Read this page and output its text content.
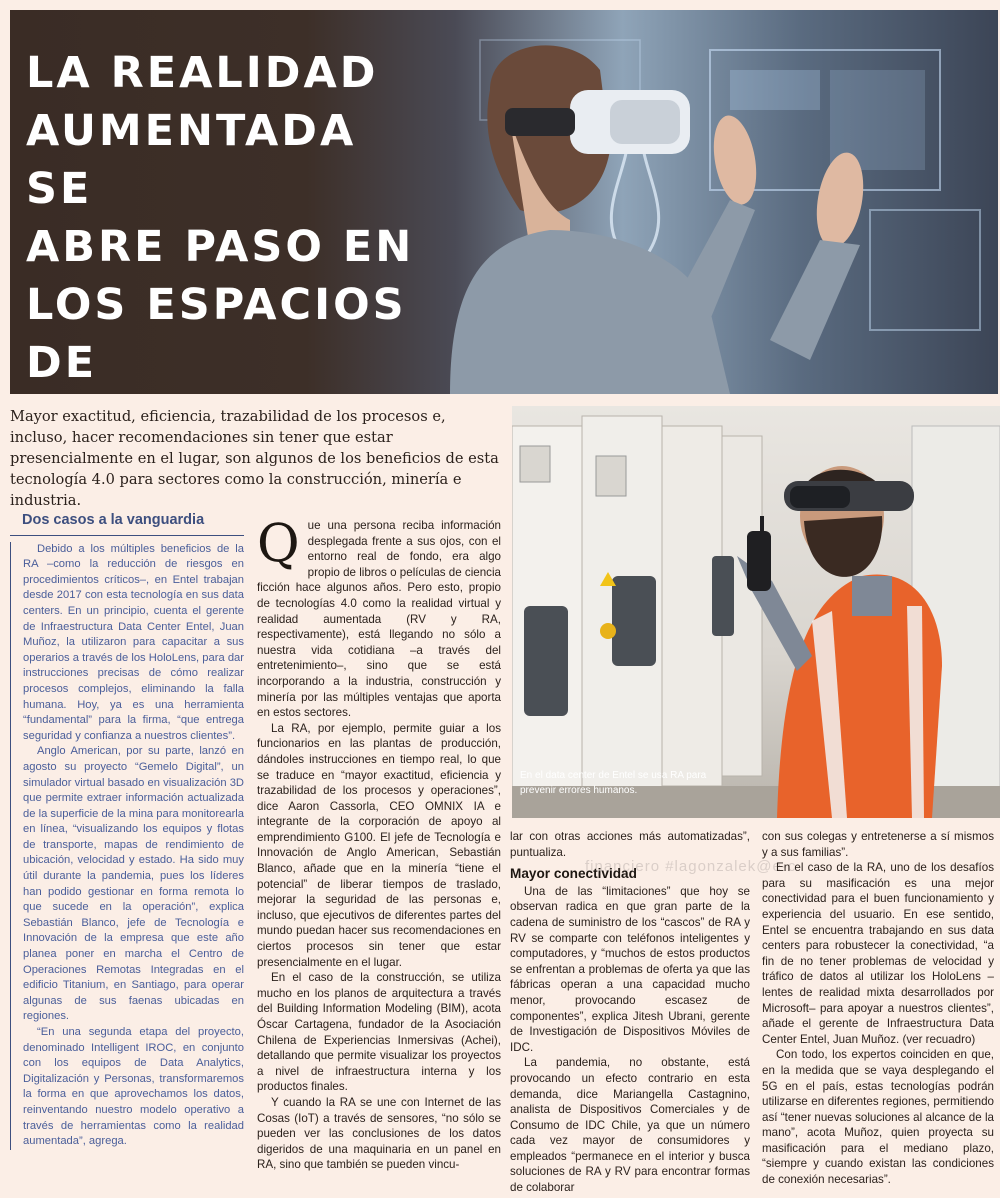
LA REALIDAD
AUMENTADA SE
ABRE PASO EN
LOS ESPACIOS DE

Mayor exactitud, eficiencia, trazabilidad de los procesos e, incluso, hacer recomendaciones sin tener que estar presencialmente en el lugar, son algunos de los beneficios de esta tecnología 4.0 para sectores como la construcción, minería e industria.

En el data center de Entel se usa RA para prevenir errores humanos.

Dos casos a la vanguardia

Debido a los múltiples beneficios de la RA –como la reducción de riesgos en procedimientos críticos–, en Entel trabajan desde 2017 con esta tecnología en sus data centers. En un principio, cuenta el gerente de Infraestructura Data Center Entel, Juan Muñoz, la utilizaron para capacitar a sus operarios a través de los HoloLens, para dar instrucciones precisas de cómo realizar procesos complejos, eliminando la falla humana. Hoy, ya es una herramienta “fundamental” para la firma, “que entrega seguridad y confianza a nuestros clientes”.

Anglo American, por su parte, lanzó en agosto su proyecto “Gemelo Digital”, un simulador virtual basado en visualización 3D que permite extraer información actualizada de la superficie de la mina para monitorearla en línea, “visualizando los equipos y flotas de transporte, mapas de rendimiento de ubicación, velocidad y estado. Ha sido muy útil durante la pandemia, pues los líderes han podido gestionar en forma remota lo que sucede en la operación”, explica Sebastián Blanco, jefe de Tecnología e Innovación de la empresa que este año planea poner en marcha el Centro de Operaciones Remotas Integradas en el edificio Titanium, en Santiago, para operar algunas de sus faenas ubicadas en regiones.

“En una segunda etapa del proyecto, denominado Intelligent IROC, en conjunto con los equipos de Data Analytics, Digitalización y Personas, transformaremos la forma en que aprovechamos los datos, reinventando nuestro modelo operativo a través de herramientas como la realidad aumentada”, agrega.

Que una persona reciba información desplegada frente a sus ojos, con el entorno real de fondo, era algo propio de libros o películas de ciencia ficción hace algunos años. Pero esto, propio de tecnologías 4.0 como la realidad virtual y realidad aumentada (RV y RA, respectivamente), está llegando no sólo a nuestra vida cotidiana –a través del entretenimiento–, sino que se está incorporando a la industria, construcción y minería por las múltiples ventajas que aporta en estos sectores.

La RA, por ejemplo, permite guiar a los funcionarios en las plantas de producción, dándoles instrucciones en tiempo real, lo que se traduce en “mayor exactitud, eficiencia y trazabilidad de los procesos y operaciones”, dice Aaron Cassorla, CEO OMNIX IA e integrante de la corporación de apoyo al emprendimiento G100. El jefe de Tecnología e Innovación de Anglo American, Sebastián Blanco, añade que en la minería “tiene el potencial” de liberar tiempos de traslado, mejorar la seguridad de las personas e, incluso, que ejecutivos de diferentes partes del mundo puedan hacer sus recomendaciones en ciertos procesos sin tener que estar presencialmente en el lugar.

En el caso de la construcción, se utiliza mucho en los planos de arquitectura a través del Building Information Modeling (BIM), acota Óscar Cartagena, fundador de la Asociación Chilena de Experiencias Inmersivas (Achei), detallando que permite visualizar los proyectos a nivel de infraestructura interna y los productos finales.

Y cuando la RA se une con Internet de las Cosas (IoT) a través de sensores, “no sólo se pueden ver las conclusiones de los datos digeridos de una maquinaria en un panel en RA, sino que también se pueden vincu-

lar con otras acciones más automatizadas”, puntualiza.

Mayor conectividad

Una de las “limitaciones” que hoy se observan radica en que gran parte de la cadena de suministro de los “cascos” de RA y RV se comparte con teléfonos inteligentes y computadores, y “muchos de estos productos se enfrentan a problemas de oferta ya que las fábricas operan a una capacidad mucho menor, provocando escasez de componentes”, explica Jitesh Ubrani, gerente de Investigación de Dispositivos Móviles de IDC.

La pandemia, no obstante, está provocando un efecto contrario en esta demanda, dice Mariangella Castagnino, analista de Dispositivos Comerciales y de Consumo de IDC Chile, ya que un número cada vez mayor de consumidores y empleados “permanece en el interior y busca soluciones de RA y RV para encontrar formas de colaborar

financiero #lagonzalek@e-c

con sus colegas y entretenerse a sí mismos y a sus familias”.

En el caso de la RA, uno de los desafíos para su masificación es una mejor conectividad para el buen funcionamiento y experiencia del usuario. En ese sentido, Entel se encuentra trabajando en sus data centers para robustecer la conectividad, “a fin de no tener problemas de velocidad y tráfico de datos al utilizar los HoloLens –lentes de realidad mixta desarrollados por Microsoft– para apoyar a nuestros clientes”, añade el gerente de Infraestructura Data Center Entel, Juan Muñoz. (ver recuadro)

Con todo, los expertos coinciden en que, en la medida que se vaya desplegando el 5G en el país, estas tecnologías podrán utilizarse en diferentes regiones, permitiendo así “tener nuevas soluciones al alcance de la mano”, acota Muñoz, quien proyecta su masificación para el mediano plazo, “siempre y cuando existan las condiciones de conexión necesarias”.
